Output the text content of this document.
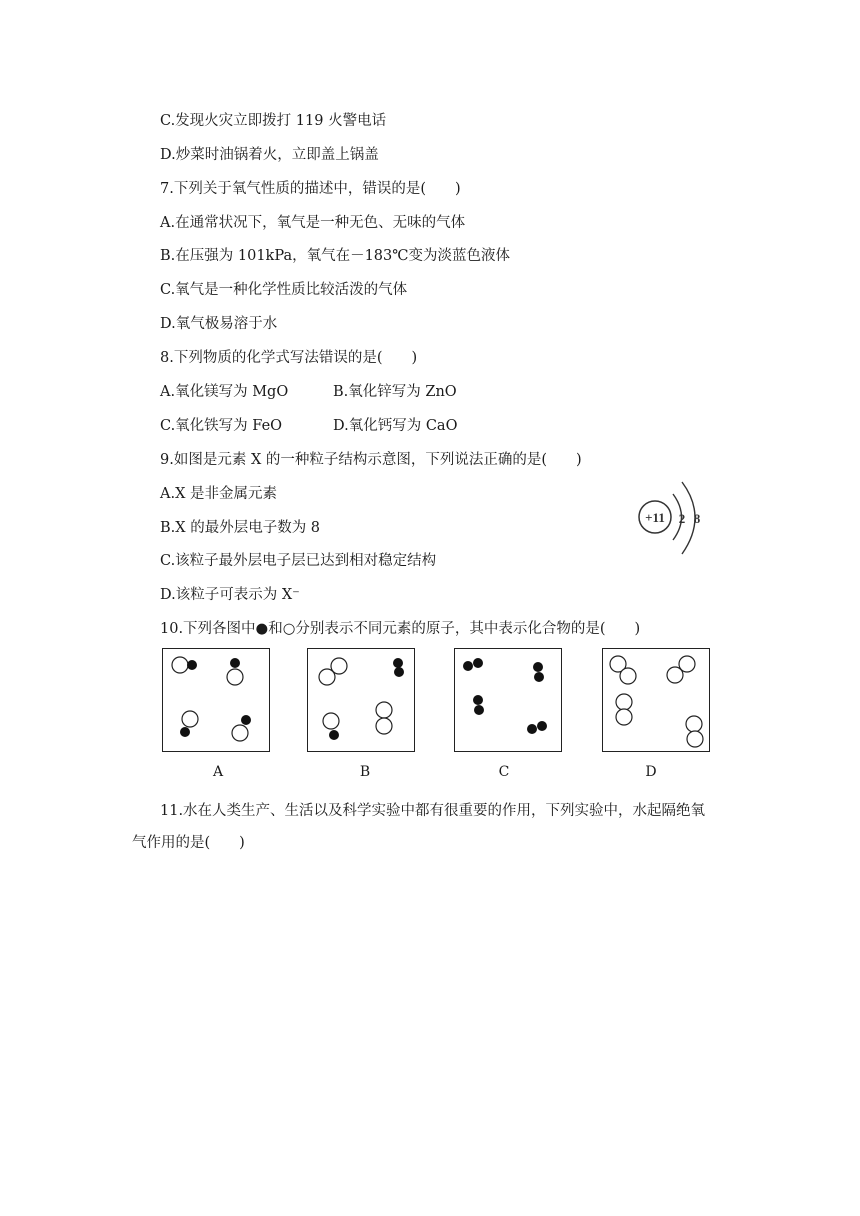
C.发现火灾立即拨打 119 火警电话
D.炒菜时油锅着火，立即盖上锅盖
7.下列关于氧气性质的描述中，错误的是(　　)
A.在通常状况下，氧气是一种无色、无味的气体
B.在压强为 101kPa，氧气在－183℃变为淡蓝色液体
C.氧气是一种化学性质比较活泼的气体
D.氧气极易溶于水
8.下列物质的化学式写法错误的是(　　)
A.氧化镁写为 MgO	B.氧化锌写为 ZnO
C.氧化铁写为 FeO	D.氧化钙写为 CaO
9.如图是元素 X 的一种粒子结构示意图，下列说法正确的是(　　)
A.X 是非金属元素
B.X 的最外层电子数为 8
C.该粒子最外层电子层已达到相对稳定结构
D.该粒子可表示为 X⁻
+11 2 8
10.下列各图中●和○分别表示不同元素的原子，其中表示化合物的是(　　)
A	B	C	D
11.水在人类生产、生活以及科学实验中都有很重要的作用，下列实验中，水起隔绝氧
气作用的是(　　)
